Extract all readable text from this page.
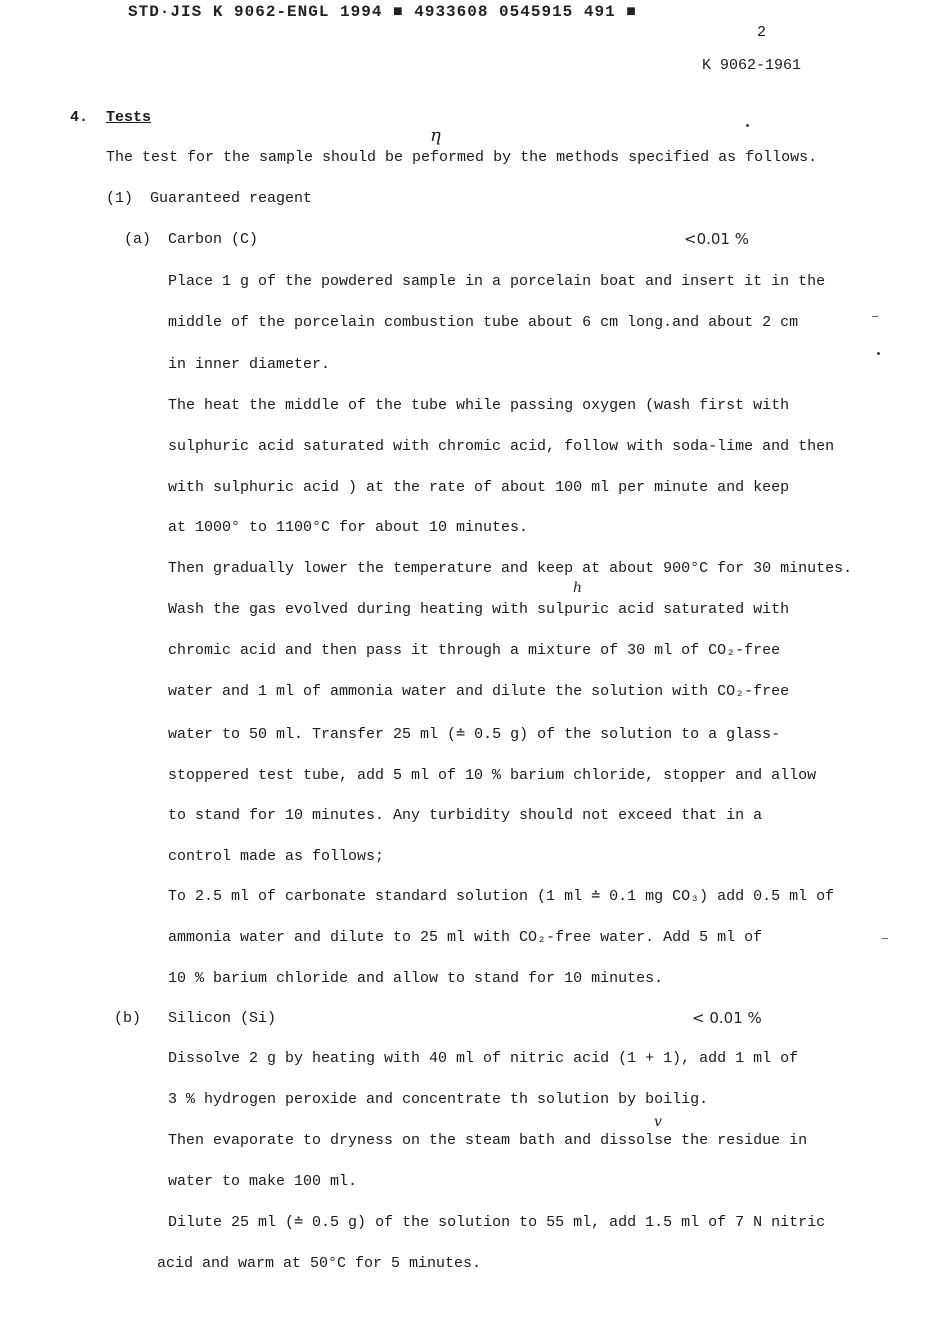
STD·JIS K 9062-ENGL 1994 ■ 4933608 0545915 491 ■
2
K 9062-1961
4. Tests
ƞ
The test for the sample should be peformed by the methods specified as follows.
(1) Guaranteed reagent
(a) Carbon (C)	<0.01 %
Place 1 g of the powdered sample in a porcelain boat and insert it in the
middle of the porcelain combustion tube about 6 cm long.and about 2 cm
in inner diameter.
The heat the middle of the tube while passing oxygen (wash first with
sulphuric acid saturated with chromic acid, follow with soda-lime and then
with sulphuric acid ) at the rate of about 100 ml per minute and keep
at 1000° to 1100°C for about 10 minutes.
Then gradually lower the temperature and keep at about 900°C for 30 minutes.
h
Wash the gas evolved during heating with sulpuric acid saturated with
chromic acid and then pass it through a mixture of 30 ml of CO₂-free
water and 1 ml of ammonia water and dilute the solution with CO₂-free
water to 50 ml. Transfer 25 ml (≐ 0.5 g) of the solution to a glass-
stoppered test tube, add 5 ml of 10 % barium chloride, stopper and allow
to stand for 10 minutes. Any turbidity should not exceed that in a
control made as follows;
To 2.5 ml of carbonate standard solution (1 ml ≐ 0.1 mg CO₃) add 0.5 ml of
ammonia water and dilute to 25 ml with CO₂-free water. Add 5 ml of
10 % barium chloride and allow to stand for 10 minutes.
(b) Silicon (Si)	< 0.01 %
Dissolve 2 g by heating with 40 ml of nitric acid (1 + 1), add 1 ml of
3 % hydrogen peroxide and concentrate th solution by boilig.
v
Then evaporate to dryness on the steam bath and dissolse the residue in
water to make 100 ml.
Dilute 25 ml (≐ 0.5 g) of the solution to 55 ml, add 1.5 ml of 7 N nitric
acid and warm at 50°C for 5 minutes.
